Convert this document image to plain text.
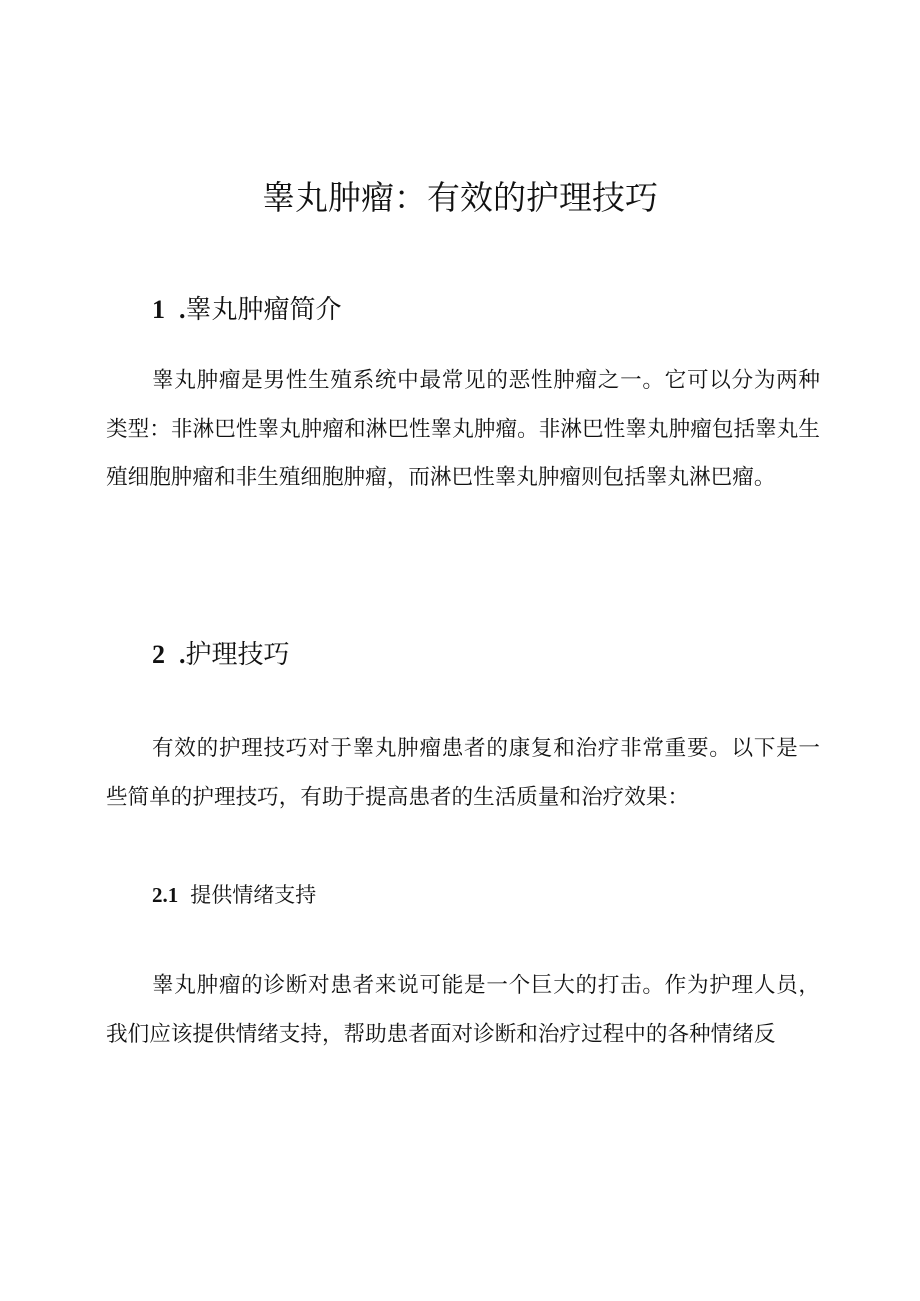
睾丸肿瘤：有效的护理技巧
1 .睾丸肿瘤简介

睾丸肿瘤是男性生殖系统中最常见的恶性肿瘤之一。它可以分为两种类型：非淋巴性睾丸肿瘤和淋巴性睾丸肿瘤。非淋巴性睾丸肿瘤包括睾丸生殖细胞肿瘤和非生殖细胞肿瘤，而淋巴性睾丸肿瘤则包括睾丸淋巴瘤。

2 .护理技巧

有效的护理技巧对于睾丸肿瘤患者的康复和治疗非常重要。以下是一些简单的护理技巧，有助于提高患者的生活质量和治疗效果：

2.1 提供情绪支持

睾丸肿瘤的诊断对患者来说可能是一个巨大的打击。作为护理人员，我们应该提供情绪支持，帮助患者面对诊断和治疗过程中的各种情绪反
